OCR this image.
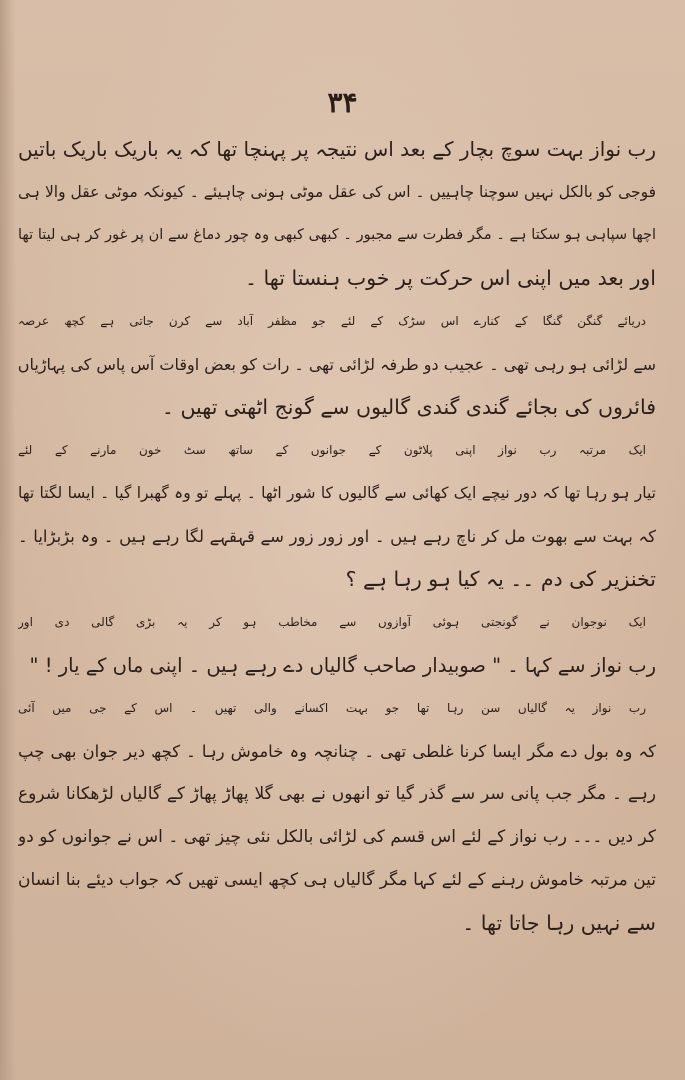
۳۴
رب نواز بہت سوچ بچار کے بعد اس نتیجہ پر پہنچا تھا کہ یہ باریک باریک باتیں
فوجی کو بالکل نہیں سوچنا چاہییں ۔ اس کی عقل موٹی ہونی چاہیئے ۔ کیونکہ موٹی عقل والا ہی
اچھا سپاہی ہو سکتا ہے ۔ مگر فطرت سے مجبور ۔ کبھی کبھی وہ چور دماغ سے ان پر غور کر ہی لیتا تھا
اور بعد میں اپنی اس حرکت پر خوب ہنستا تھا ۔
دریائے گنگن گنگا کے کنارے اس سڑک کے لئے جو مظفر آباد سے کرن جاتی ہے کچھ عرصہ
سے لڑائی ہو رہی تھی ۔ عجیب دو طرفہ لڑائی تھی ۔ رات کو بعض اوقات آس پاس کی پہاڑیاں
فائروں کی بجائے گندی گندی گالیوں سے گونج اٹھتی تھیں ۔
ایک مرتبہ رب نواز اپنی پلاٹون کے جوانوں کے ساتھ سٹ خون مارنے کے لئے
تیار ہو رہا تھا کہ دور نیچے ایک کھائی سے گالیوں کا شور اٹھا ۔ پہلے تو وہ گھبرا گیا ۔ ایسا لگتا تھا
کہ بہت سے بھوت مل کر ناچ رہے ہیں ۔ اور زور زور سے قہقہے لگا رہے ہیں ۔ وہ بڑبڑایا ۔
تخنزیر کی دم ۔۔ یہ کیا ہو رہا ہے ؟
ایک نوجوان نے گونجتی ہوئی آوازوں سے مخاطب ہو کر یہ بڑی گالی دی اور
رب نواز سے کہا ۔ " صوبیدار صاحب گالیاں دے رہے ہیں ۔ اپنی ماں کے یار ! "
رب نواز یہ گالیاں سن رہا تھا جو بہت اکسانے والی تھیں ۔ اس کے جی میں آئی
کہ وہ بول دے مگر ایسا کرنا غلطی تھی ۔ چنانچہ وہ خاموش رہا ۔ کچھ دیر جوان بھی چپ
رہے ۔ مگر جب پانی سر سے گذر گیا تو انھوں نے بھی گلا پھاڑ پھاڑ کے گالیاں لڑھکانا شروع
کر دیں ۔۔۔ رب نواز کے لئے اس قسم کی لڑائی بالکل نئی چیز تھی ۔ اس نے جوانوں کو دو
تین مرتبہ خاموش رہنے کے لئے کہا مگر گالیاں ہی کچھ ایسی تھیں کہ جواب دیئے بنا انسان
سے نہیں رہا جاتا تھا ۔
